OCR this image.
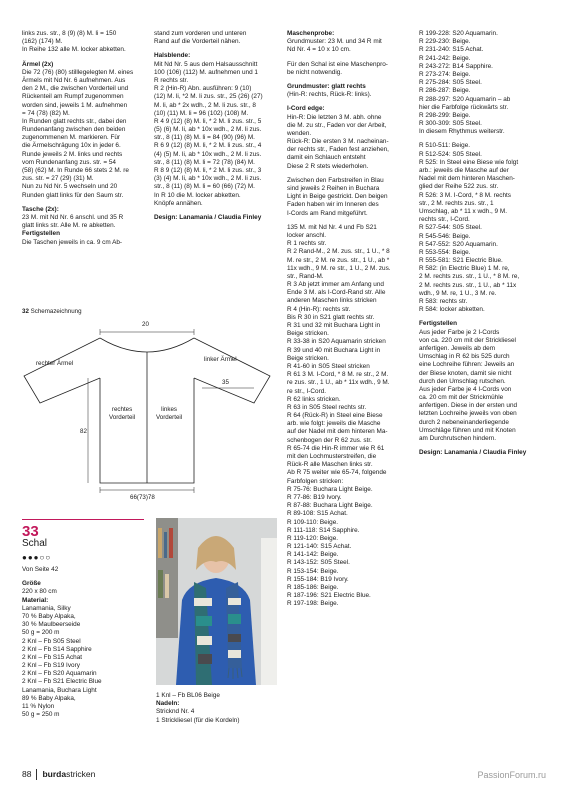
links zus. str., 8 (9) (8) M. li = 150
(162) (174) M.
In Reihe 132 alle M. locker abketten.
Ärmel (2x)
Die 72 (76) (80) stilllegelegten M. eines
Ärmels mit Nd Nr. 6 aufnehmen. Aus
den 2 M., die zwischen Vorderteil und
Rückenteil am Rumpf zugenommen
worden sind, jeweils 1 M. aufnehmen
= 74 (78) (82) M.
In Runden glatt rechts str., dabei den
Rundenanfang zwischen den beiden
zugenommenen M. markieren. Für
die Ärmelschrägung 10x in jeder 6.
Runde jeweils 2 M. links und rechts
vom Rundenanfang zus. str. = 54
(58) (62) M. In Runde 66 stets 2 M. re
zus. str. = 27 (29) (31) M.
Nun zu Nd Nr. 5 wechseln und 20
Runden glatt links für den Saum str.
Tasche (2x):
23 M. mit Nd Nr. 6 anschl. und 35 R
glatt links str. Alle M. re abketten.
Fertigstellen
Die Taschen jeweils in ca. 9 cm Ab-
stand zum vorderen und unteren
Rand auf die Vorderteil nähen.
Halsblende:
Mit Nd Nr. 5 aus dem Halsausschnitt
100 (106) (112) M. aufnehmen und 1
R rechts str.
R 2 (Hin-R) Abn. ausführen: 9 (10)
(12) M. li, *2 M. li zus. str., 25 (26) (27)
M. li, ab * 2x wdh., 2 M. li zus. str., 8
(10) (11) M. li = 96 (102) (108) M.
R 4 9 (12) (8) M. li, * 2 M. li zus. str., 5
(5) (6) M. li, ab * 10x wdh., 2 M. li zus.
str., 8 (11) (8) M. li = 84 (90) (96) M.
R 6 9 (12) (8) M. li, * 2 M. li zus. str., 4
(4) (5) M. li, ab * 10x wdh., 2 M. li zus.
str., 8 (11) (8) M. li = 72 (78) (84) M.
R 8 9 (12) (8) M. li, * 2 M. li zus. str., 3
(3) (4) M. li, ab * 10x wdh., 2 M. li zus.
str., 8 (11) (8) M. li = 60 (66) (72) M.
In R 10 die M. locker abketten.
Knöpfe annähen.
Design: Lanamania / Claudia Finley
Maschenprobe:
Grundmuster: 23 M. und 34 R mit
Nd Nr. 4 = 10 x 10 cm.
Für den Schal ist eine Maschenpro-
be nicht notwendig.
Grundmuster: glatt rechts
(Hin-R: rechts, Rück-R: links).
I-Cord edge:
Hin-R: Die letzten 3 M. abh. ohne
die M. zu str., Faden vor der Arbeit,
wenden.
Rück-R: Die ersten 3 M. nacheinan-
der rechts str., Faden fest anziehen,
damit ein Schlauch entsteht
Diese 2 R stets wiederholen.
Zwischen den Farbstreifen in Blau
sind jeweils 2 Reihen in Buchara
Light in Beige gestrickt. Den beigen
Faden haben wir im Inneren des
I-Cords am Rand mitgeführt.
135 M. mit Nd Nr. 4 und Fb S21
locker anschl.
R 1 rechts str.
R 2 Rand-M., 2 M. zus. str., 1 U., * 8
M. re str., 2 M. re zus. str., 1 U., ab *
11x wdh., 9 M. re str., 1 U., 2 M. zus.
str., Rand-M.
R 3 Ab jetzt immer am Anfang und
Ende 3 M. als I-Cord-Rand str. Alle
anderen Maschen links stricken
R 4 (Hin-R): rechts str.
Bis R 30 in S21 glatt rechts str.
R 31 und 32 mit Buchara Light in
Beige stricken.
R 33-38 in S20 Aquamarin stricken
R 39 und 40 mit Buchara Light in
Beige stricken.
R 41-60 in S05 Steel stricken
R 61 3 M. I-Cord, * 8 M. re str., 2 M.
re zus. str., 1 U., ab * 11x wdh., 9 M.
re str., I-Cord.
R 62 links stricken.
R 63 in S05 Steel rechts str.
R 64 (Rück-R) in Steel eine Biese
arb. wie folgt: jeweils die Masche
auf der Nadel mit dem hinteren Ma-
schenbogen der R 62 zus. str.
R 65-74 die Hin-R immer wie R 61
mit den Lochmusterstreifen, die
Rück-R alle Maschen links str.
Ab R 75 weiter wie 65-74, folgende
Farbfolgen stricken:
R 75-76: Buchara Light Beige.
R 77-86: B19 Ivory.
R 87-88: Buchara Light Beige.
R 89-108: S15 Achat.
R 109-110: Beige.
R 111-118: S14 Sapphire.
R 119-120: Beige.
R 121-140: S15 Achat.
R 141-142: Beige.
R 143-152: S05 Steel.
R 153-154: Beige.
R 155-184: B19 Ivory.
R 185-186: Beige.
R 187-196: S21 Electric Blue.
R 197-198: Beige.
R 199-228: S20 Aquamarin.
R 229-230: Beige.
R 231-240: S15 Achat.
R 241-242: Beige.
R 243-272: B14 Sapphire.
R 273-274: Beige.
R 275-284: S05 Steel.
R 286-287: Beige.
R 288-297: S20 Aquamarin – ab
hier die Farbfolge rückwärts str.
R 298-299: Beige.
R 300-309: S05 Steel.
In diesem Rhythmus weiterstr.
R 510-511: Beige.
R 512-524: S05 Steel.
R 525: In Steel eine Biese wie folgt
arb.: jeweils die Masche auf der
Nadel mit dem hinteren Maschen-
glied der Reihe 522 zus. str.
R 526: 3 M. I-Cord, * 8 M. rechts
str., 2 M. rechts zus. str., 1
Umschlag, ab * 11 x wdh., 9 M.
rechts str., I-Cord.
R 527-544: S05 Steel.
R 545-546: Beige.
R 547-552: S20 Aquamarin.
R 553-554: Beige.
R 555-581: S21 Electric Blue.
R 582: (in Electric Blue) 1 M. re,
2 M. rechts zus. str., 1 U., * 8 M. re,
2 M. rechts zus. str., 1 U., ab * 11x
wdh., 9 M. re, 1 U., 3 M. re.
R 583: rechts str.
R 584: locker abketten.
Fertigstellen
Aus jeder Farbe je 2 I-Cords
von ca. 220 cm mit der Strickliesel
anfertigen. Jeweils ab dem
Umschlag in R 62 bis 525 durch
eine Lochreihe führen: Jeweils an
der Biese knoten, damit sie nicht
durch den Umschlag rutschen.
Aus jeder Farbe je 4 I-Cords von
ca. 20 cm mit der Strickmühle
anfertigen. Diese in der ersten und
letzten Lochreihe jeweils von oben
durch 2 nebeneinanderliegende
Umschläge führen und mit Knoten
am Durchrutschen hindern.
Design: Lanamania / Claudia Finley
32 Schemazeichnung
20
35
82
66(73)78
rechter Ärmel
linker Ärmel
rechtes
Vorderteil
linkes
Vorderteil
33
Schal
●●●○○
Von Seite 42
Größe
220 x 80 cm
Material:
Lanamania, Silky
70 % Baby Alpaka,
30 % Maulbeerseide
50 g = 200 m
2 Knl – Fb S05 Steel
2 Knl – Fb S14 Sapphire
2 Knl – Fb S15 Achat
2 Knl – Fb S19 Ivory
2 Knl – Fb S20 Aquamarin
2 Knl – Fb S21 Electric Blue
Lanamania, Buchara Light
89 % Baby Alpaka,
11 % Nylon
50 g = 250 m
1 Knl – Fb BL06 Beige
Nadeln:
Stricknd Nr. 4
1 Strickliesel (für die Kordeln)
88 burdastricken	PassionForum.ru
